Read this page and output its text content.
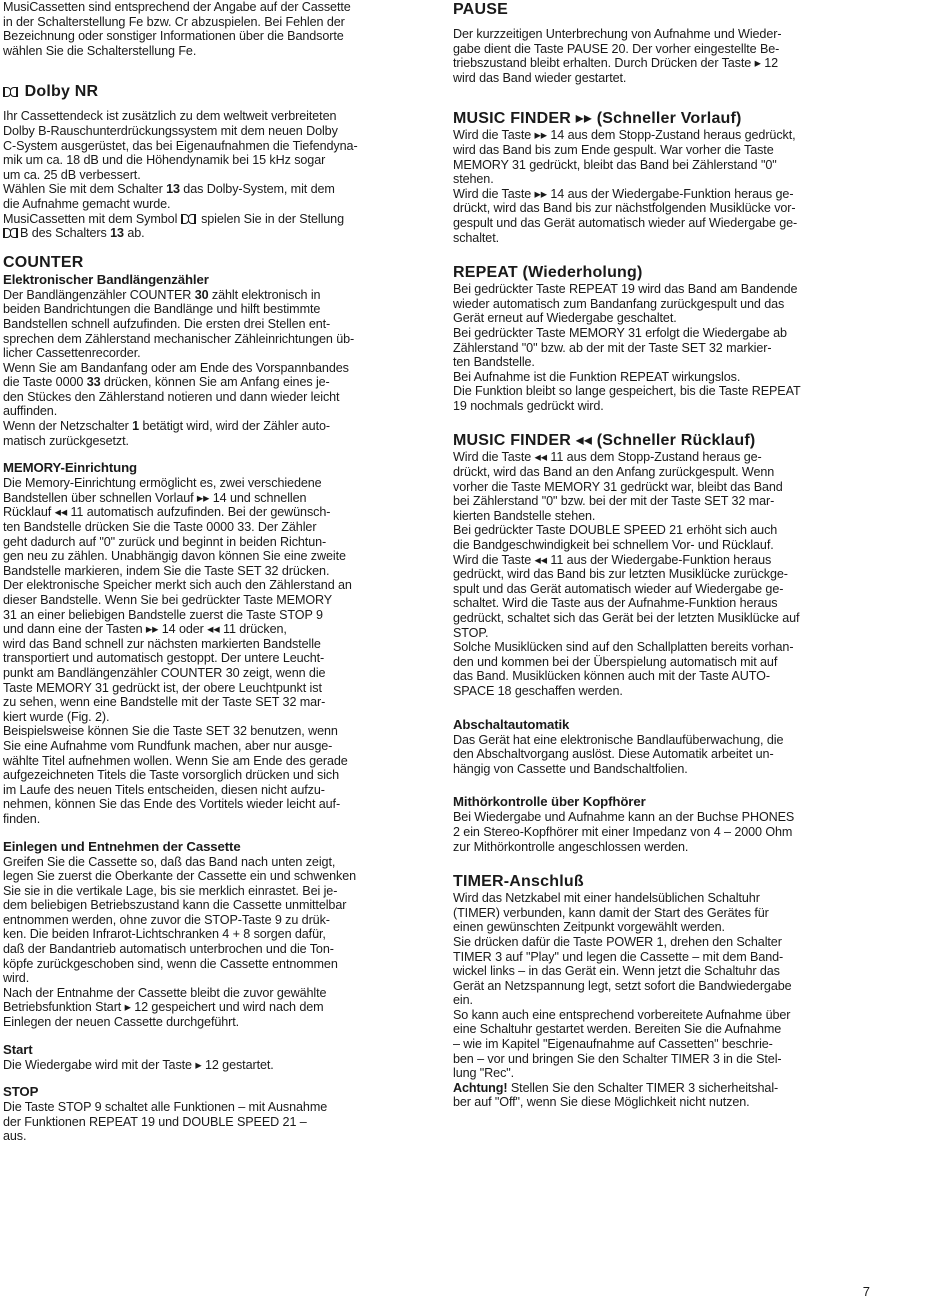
MusiCassetten sind entsprechend der Angabe auf der Cassette
in der Schalterstellung Fe bzw. Cr abzuspielen. Bei Fehlen der
Bezeichnung oder sonstiger Informationen über die Bandsorte
wählen Sie die Schalterstellung Fe.

Dolby NR

Ihr Cassettendeck ist zusätzlich zu dem weltweit verbreiteten
Dolby B-Rauschunterdrückungssystem mit dem neuen Dolby
C-System ausgerüstet, das bei Eigenaufnahmen die Tiefendyna-
mik um ca. 18 dB und die Höhendynamik bei 15 kHz sogar
um ca. 25 dB verbessert.

Wählen Sie mit dem Schalter 13 das Dolby-System, mit dem
die Aufnahme gemacht wurde.

MusiCassetten mit dem Symbol  spielen Sie in der Stellung
B des Schalters 13 ab.

COUNTER
Elektronischer Bandlängenzähler

Der Bandlängenzähler COUNTER 30 zählt elektronisch in
beiden Bandrichtungen die Bandlänge und hilft bestimmte
Bandstellen schnell aufzufinden. Die ersten drei Stellen ent-
sprechen dem Zählerstand mechanischer Zähleinrichtungen üb-
licher Cassettenrecorder.

Wenn Sie am Bandanfang oder am Ende des Vorspannbandes
die Taste 0000 33 drücken, können Sie am Anfang eines je-
den Stückes den Zählerstand notieren und dann wieder leicht
auffinden.

Wenn der Netzschalter 1 betätigt wird, wird der Zähler auto-
matisch zurückgesetzt.

MEMORY-Einrichtung

Die Memory-Einrichtung ermöglicht es, zwei verschiedene
Bandstellen über schnellen Vorlauf ▸▸ 14 und schnellen
Rücklauf ◂◂ 11 automatisch aufzufinden. Bei der gewünsch-
ten Bandstelle drücken Sie die Taste 0000 33. Der Zähler
geht dadurch auf "0" zurück und beginnt in beiden Richtun-
gen neu zu zählen. Unabhängig davon können Sie eine zweite
Bandstelle markieren, indem Sie die Taste SET 32 drücken.
Der elektronische Speicher merkt sich auch den Zählerstand an
dieser Bandstelle. Wenn Sie bei gedrückter Taste MEMORY
31 an einer beliebigen Bandstelle zuerst die Taste STOP 9
und dann eine der Tasten ▸▸ 14 oder ◂◂ 11 drücken,
wird das Band schnell zur nächsten markierten Bandstelle
transportiert und automatisch gestoppt. Der untere Leucht-
punkt am Bandlängenzähler COUNTER 30 zeigt, wenn die
Taste MEMORY 31 gedrückt ist, der obere Leuchtpunkt ist
zu sehen, wenn eine Bandstelle mit der Taste SET 32 mar-
kiert wurde (Fig. 2).

Beispielsweise können Sie die Taste SET 32 benutzen, wenn
Sie eine Aufnahme vom Rundfunk machen, aber nur ausge-
wählte Titel aufnehmen wollen. Wenn Sie am Ende des gerade
aufgezeichneten Titels die Taste vorsorglich drücken und sich
im Laufe des neuen Titels entscheiden, diesen nicht aufzu-
nehmen, können Sie das Ende des Vortitels wieder leicht auf-
finden.

Einlegen und Entnehmen der Cassette

Greifen Sie die Cassette so, daß das Band nach unten zeigt,
legen Sie zuerst die Oberkante der Cassette ein und schwenken
Sie sie in die vertikale Lage, bis sie merklich einrastet. Bei je-
dem beliebigen Betriebszustand kann die Cassette unmittelbar
entnommen werden, ohne zuvor die STOP-Taste 9 zu drük-
ken. Die beiden Infrarot-Lichtschranken 4 + 8 sorgen dafür,
daß der Bandantrieb automatisch unterbrochen und die Ton-
köpfe zurückgeschoben sind, wenn die Cassette entnommen
wird.

Nach der Entnahme der Cassette bleibt die zuvor gewählte
Betriebsfunktion Start ▸ 12 gespeichert und wird nach dem
Einlegen der neuen Cassette durchgeführt.

Start

Die Wiedergabe wird mit der Taste ▸ 12 gestartet.

STOP

Die Taste STOP 9 schaltet alle Funktionen – mit Ausnahme
der Funktionen REPEAT 19 und DOUBLE SPEED 21 –
aus.

PAUSE

Der kurzzeitigen Unterbrechung von Aufnahme und Wieder-
gabe dient die Taste PAUSE 20. Der vorher eingestellte Be-
triebszustand bleibt erhalten. Durch Drücken der Taste ▸ 12
wird das Band wieder gestartet.

MUSIC FINDER ▸▸ (Schneller Vorlauf)

Wird die Taste ▸▸ 14 aus dem Stopp-Zustand heraus gedrückt,
wird das Band bis zum Ende gespult. War vorher die Taste
MEMORY 31 gedrückt, bleibt das Band bei Zählerstand "0"
stehen.

Wird die Taste ▸▸ 14 aus der Wiedergabe-Funktion heraus ge-
drückt, wird das Band bis zur nächstfolgenden Musiklücke vor-
gespult und das Gerät automatisch wieder auf Wiedergabe ge-
schaltet.

REPEAT (Wiederholung)

Bei gedrückter Taste REPEAT 19 wird das Band am Bandende
wieder automatisch zum Bandanfang zurückgespult und das
Gerät erneut auf Wiedergabe geschaltet.

Bei gedrückter Taste MEMORY 31 erfolgt die Wiedergabe ab
Zählerstand "0" bzw. ab der mit der Taste SET 32 markier-
ten Bandstelle.

Bei Aufnahme ist die Funktion REPEAT wirkungslos.

Die Funktion bleibt so lange gespeichert, bis die Taste REPEAT
19 nochmals gedrückt wird.

MUSIC FINDER ◂◂ (Schneller Rücklauf)

Wird die Taste ◂◂ 11 aus dem Stopp-Zustand heraus ge-
drückt, wird das Band an den Anfang zurückgespult. Wenn
vorher die Taste MEMORY 31 gedrückt war, bleibt das Band
bei Zählerstand "0" bzw. bei der mit der Taste SET 32 mar-
kierten Bandstelle stehen.

Bei gedrückter Taste DOUBLE SPEED 21 erhöht sich auch
die Bandgeschwindigkeit bei schnellem Vor- und Rücklauf.

Wird die Taste ◂◂ 11 aus der Wiedergabe-Funktion heraus
gedrückt, wird das Band bis zur letzten Musiklücke zurückge-
spult und das Gerät automatisch wieder auf Wiedergabe ge-
schaltet. Wird die Taste aus der Aufnahme-Funktion heraus
gedrückt, schaltet sich das Gerät bei der letzten Musiklücke auf
STOP.

Solche Musiklücken sind auf den Schallplatten bereits vorhan-
den und kommen bei der Überspielung automatisch mit auf
das Band. Musiklücken können auch mit der Taste AUTO-
SPACE 18 geschaffen werden.

Abschaltautomatik

Das Gerät hat eine elektronische Bandlaufüberwachung, die
den Abschaltvorgang auslöst. Diese Automatik arbeitet un-
hängig von Cassette und Bandschaltfolien.

Mithörkontrolle über Kopfhörer

Bei Wiedergabe und Aufnahme kann an der Buchse PHONES
2 ein Stereo-Kopfhörer mit einer Impedanz von 4 – 2000 Ohm
zur Mithörkontrolle angeschlossen werden.

TIMER-Anschluß

Wird das Netzkabel mit einer handelsüblichen Schaltuhr
(TIMER) verbunden, kann damit der Start des Gerätes für
einen gewünschten Zeitpunkt vorgewählt werden.

Sie drücken dafür die Taste POWER 1, drehen den Schalter
TIMER 3 auf "Play" und legen die Cassette – mit dem Band-
wickel links – in das Gerät ein. Wenn jetzt die Schaltuhr das
Gerät an Netzspannung legt, setzt sofort die Bandwiedergabe
ein.

So kann auch eine entsprechend vorbereitete Aufnahme über
eine Schaltuhr gestartet werden. Bereiten Sie die Aufnahme
– wie im Kapitel "Eigenaufnahme auf Cassetten" beschrie-
ben – vor und bringen Sie den Schalter TIMER 3 in die Stel-
lung "Rec".

Achtung! Stellen Sie den Schalter TIMER 3 sicherheitshal-
ber auf "Off", wenn Sie diese Möglichkeit nicht nutzen.

7
